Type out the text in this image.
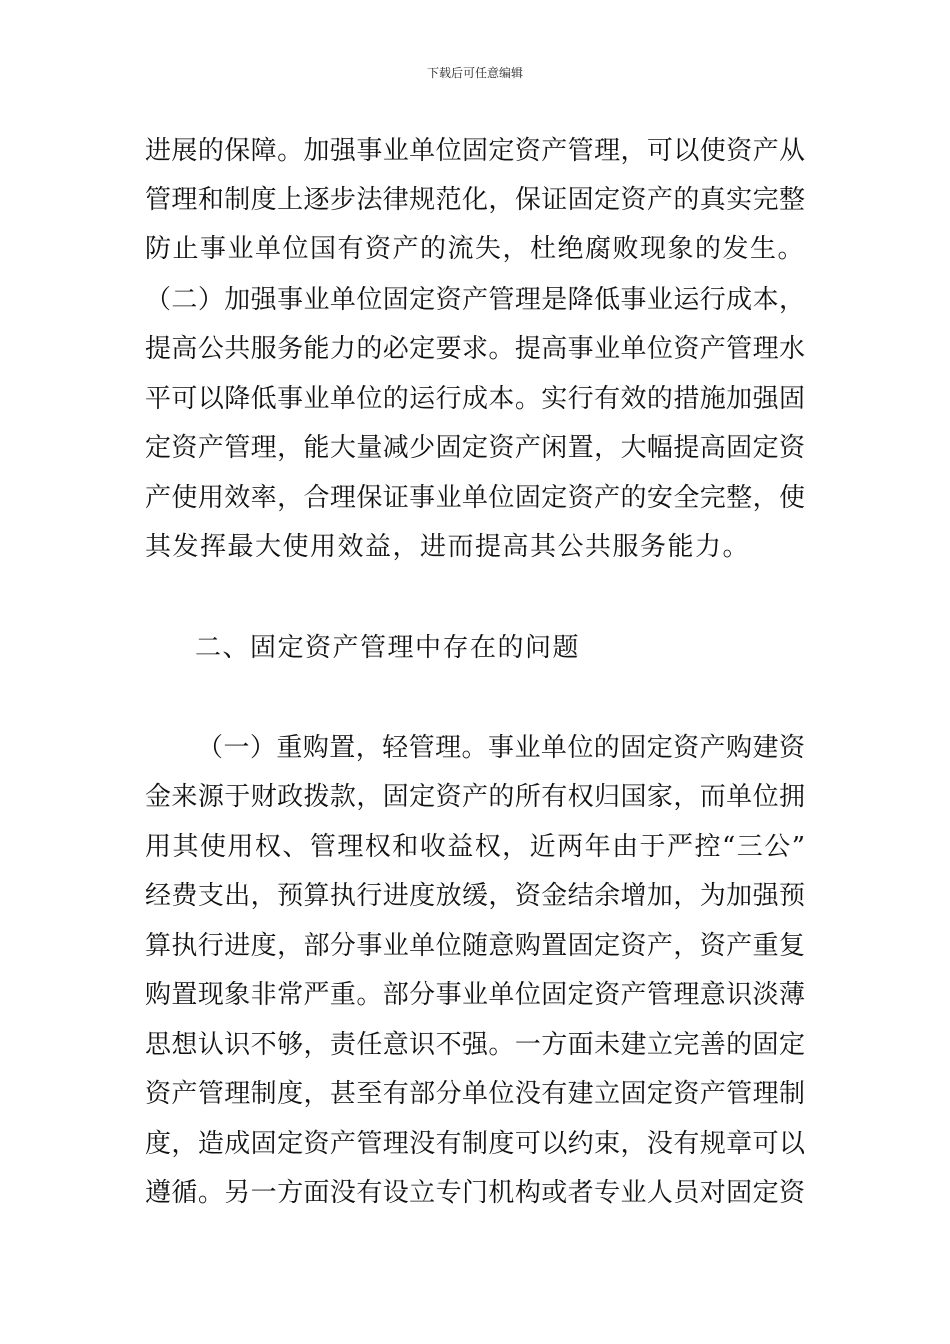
下载后可任意编辑
进展的保障。加强事业单位固定资产管理，可以使资产从
管理和制度上逐步法律规范化，保证固定资产的真实完整
防止事业单位国有资产的流失，杜绝腐败现象的发生。
（二）加强事业单位固定资产管理是降低事业运行成本，
提高公共服务能力的必定要求。提高事业单位资产管理水
平可以降低事业单位的运行成本。实行有效的措施加强固
定资产管理，能大量减少固定资产闲置，大幅提高固定资
产使用效率，合理保证事业单位固定资产的安全完整，使
其发挥最大使用效益，进而提高其公共服务能力。
二、固定资产管理中存在的问题
（一）重购置，轻管理。事业单位的固定资产购建资
金来源于财政拨款，固定资产的所有权归国家，而单位拥
用其使用权、管理权和收益权，近两年由于严控“三公”
经费支出，预算执行进度放缓，资金结余增加，为加强预
算执行进度，部分事业单位随意购置固定资产，资产重复
购置现象非常严重。部分事业单位固定资产管理意识淡薄
思想认识不够，责任意识不强。一方面未建立完善的固定
资产管理制度，甚至有部分单位没有建立固定资产管理制
度，造成固定资产管理没有制度可以约束，没有规章可以
遵循。另一方面没有设立专门机构或者专业人员对固定资
